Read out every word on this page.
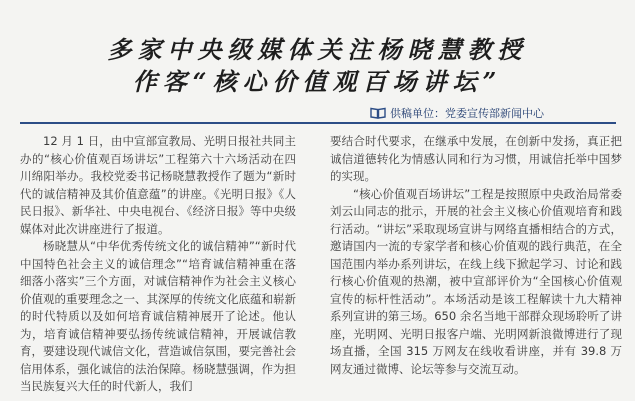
多家中央级媒体关注杨晓慧教授
作客“核心价值观百场讲坛”
供稿单位：党委宣传部新闻中心

12 月 1 日，由中宣部宣教局、光明日报社共同主办的“核心价值观百场讲坛”工程第六十六场活动在四川绵阳举办。我校党委书记杨晓慧教授作了题为“新时代的诚信精神及其价值意蕴”的讲座。《光明日报》《人民日报》、新华社、中央电视台、《经济日报》等中央级媒体对此次讲座进行了报道。

杨晓慧从“中华优秀传统文化的诚信精神”“新时代中国特色社会主义的诚信理念”“培育诚信精神重在落细落小落实”三个方面，对诚信精神作为社会主义核心价值观的重要理念之一、其深厚的传统文化底蕴和崭新的时代特质以及如何培育诚信精神展开了论述。他认为，培育诚信精神要弘扬传统诚信精神，开展诚信教育，要建设现代诚信文化，营造诚信氛围，要完善社会信用体系，强化诚信的法治保障。杨晓慧强调，作为担当民族复兴大任的时代新人，我们

要结合时代要求，在继承中发展，在创新中发扬，真正把诚信道德转化为情感认同和行为习惯，用诚信托举中国梦的实现。

“核心价值观百场讲坛”工程是按照原中央政治局常委刘云山同志的批示，开展的社会主义核心价值观培育和践行活动。“讲坛”采取现场宣讲与网络直播相结合的方式，邀请国内一流的专家学者和核心价值观的践行典范，在全国范围内举办系列讲坛，在线上线下掀起学习、讨论和践行核心价值观的热潮，被中宣部评价为“全国核心价值观宣传的标杆性活动”。本场活动是该工程解读十九大精神系列宣讲的第三场。650 余名当地干部群众现场聆听了讲座，光明网、光明日报客户端、光明网新浪微博进行了现场直播，全国 315 万网友在线收看讲座，并有 39.8 万网友通过微博、论坛等参与交流互动。
